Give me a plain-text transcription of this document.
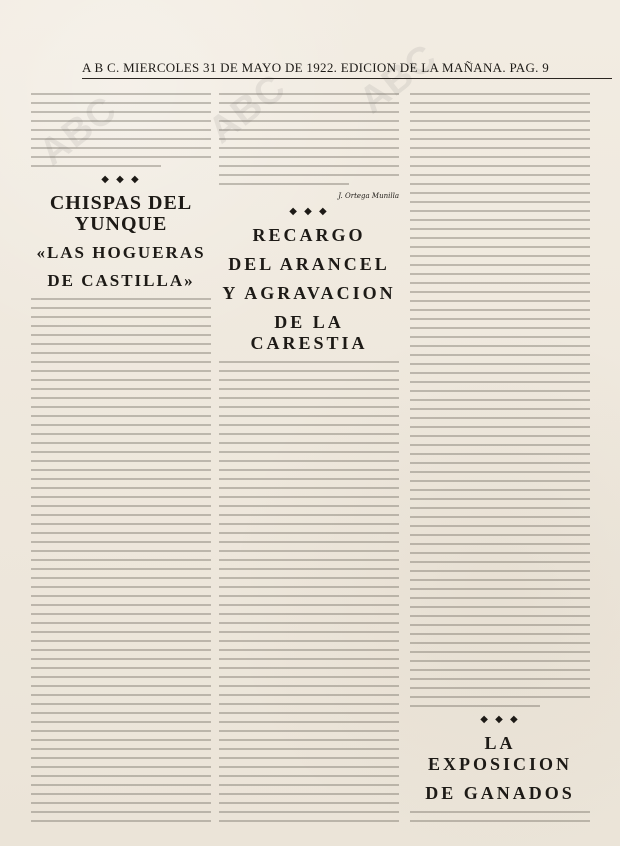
ABC ABC ABC
A B C. MIERCOLES 31 DE MAYO DE 1922. EDICION DE LA MAÑANA. PAG. 9
◆ ◆ ◆
CHISPAS DEL YUNQUE
«LAS HOGUERAS
DE CASTILLA»
J. Ortega Munilla
◆ ◆ ◆
RECARGO
DEL ARANCEL
Y AGRAVACION
DE LA CARESTIA
◆ ◆ ◆
LA EXPOSICION
DE GANADOS
